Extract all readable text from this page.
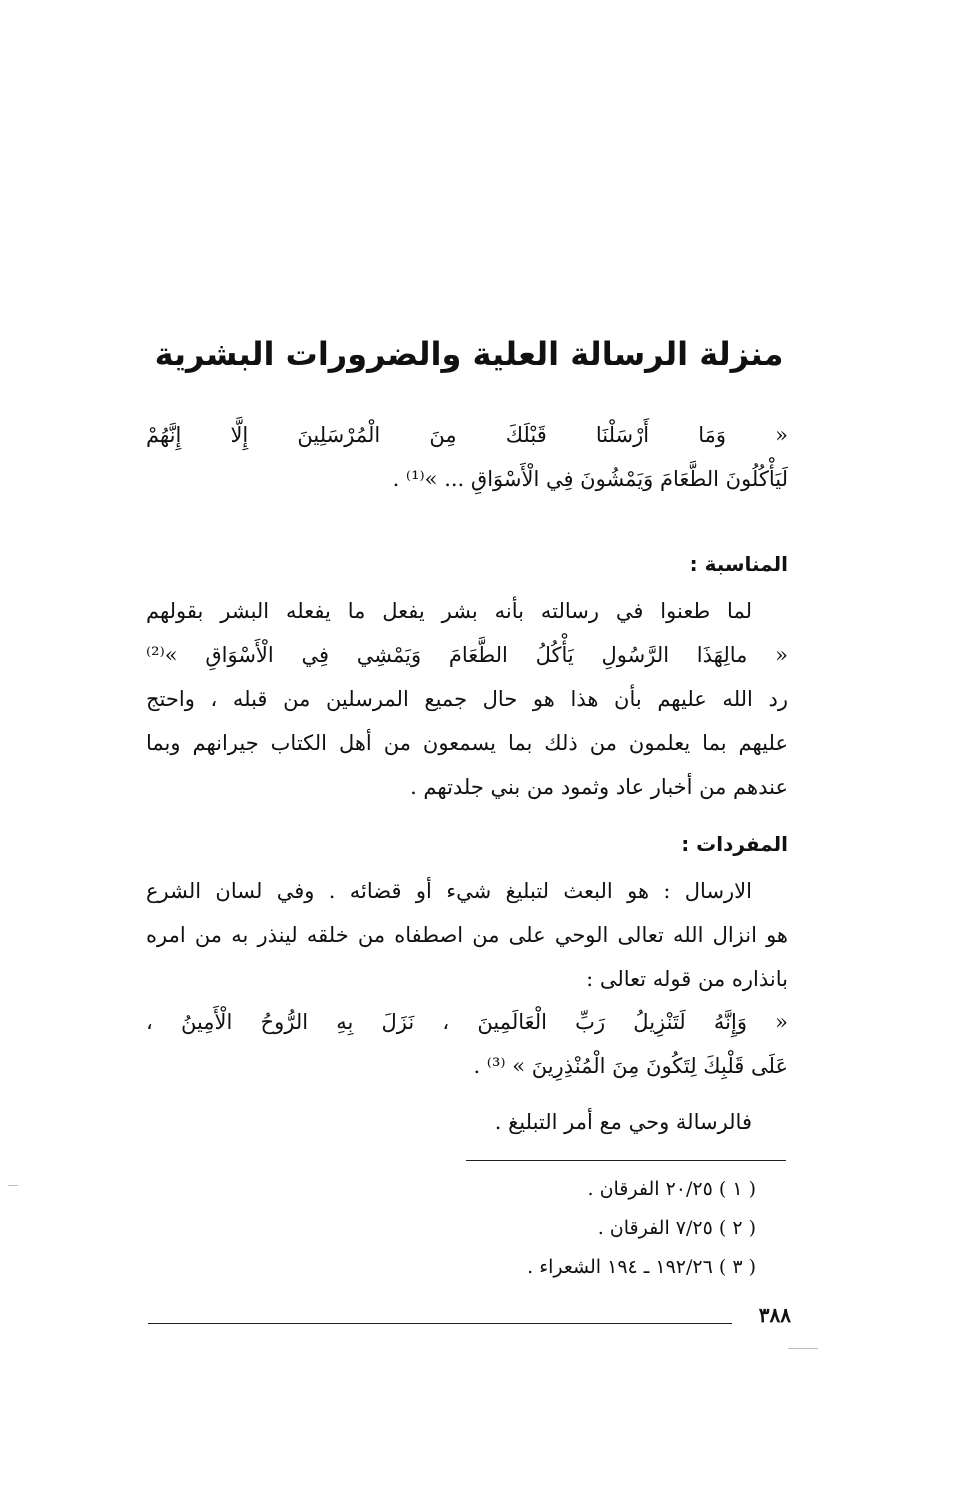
منزلة الرسالة العلية والضرورات البشرية
« وَمَا أَرْسَلْنَا قَبْلَكَ مِنَ الْمُرْسَلِينَ إِلَّا إِنَّهُمْ
لَيَأْكُلُونَ الطَّعَامَ وَيَمْشُونَ فِي الْأَسْوَاقِ ... »⁽¹⁾ .
المناسبة :
لما طعنوا في رسالته بأنه بشر يفعل ما يفعله البشر بقولهم
« مالِهَذَا الرَّسُولِ يَأْكُلُ الطَّعَامَ وَيَمْشِي فِي الْأَسْوَاقِ »⁽²⁾
رد الله عليهم بأن هذا هو حال جميع المرسلين من قبله ، واحتج
عليهم بما يعلمون من ذلك بما يسمعون من أهل الكتاب جيرانهم وبما
عندهم من أخبار عاد وثمود من بني جلدتهم .
المفردات :
الارسال : هو البعث لتبليغ شيء أو قضائه . وفي لسان الشرع
هو انزال الله تعالى الوحي على من اصطفاه من خلقه لينذر به من امره
بانذاره من قوله تعالى :
« وَإِنَّهُ لَتَنْزِيلُ رَبِّ الْعَالَمِينَ ، نَزَلَ بِهِ الرُّوحُ الْأَمِينُ ،
عَلَى قَلْبِكَ لِتَكُونَ مِنَ الْمُنْذِرِينَ » ⁽³⁾ .
فالرسالة وحي مع أمر التبليغ .
( ١ ) ٢٠/٢٥ الفرقان .
( ٢ ) ٧/٢٥ الفرقان .
( ٣ ) ١٩٢/٢٦ ـ ١٩٤ الشعراء .
٣٨٨
